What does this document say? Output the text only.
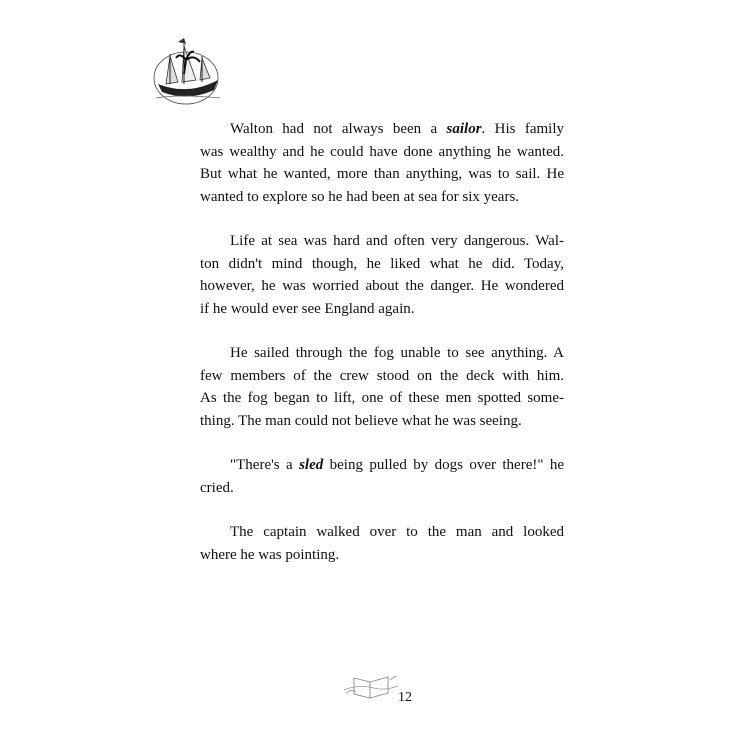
Walton had not always been a sailor. His family
was wealthy and he could have done anything he wanted.
But what he wanted, more than anything, was to sail. He
wanted to explore so he had been at sea for six years.

Life at sea was hard and often very dangerous. Wal-
ton didn't mind though, he liked what he did. Today,
however, he was worried about the danger. He wondered
if he would ever see England again.

He sailed through the fog unable to see anything. A
few members of the crew stood on the deck with him.
As the fog began to lift, one of these men spotted some-
thing. The man could not believe what he was seeing.

"There's a sled being pulled by dogs over there!" he
cried.

The captain walked over to the man and looked
where he was pointing.

12
